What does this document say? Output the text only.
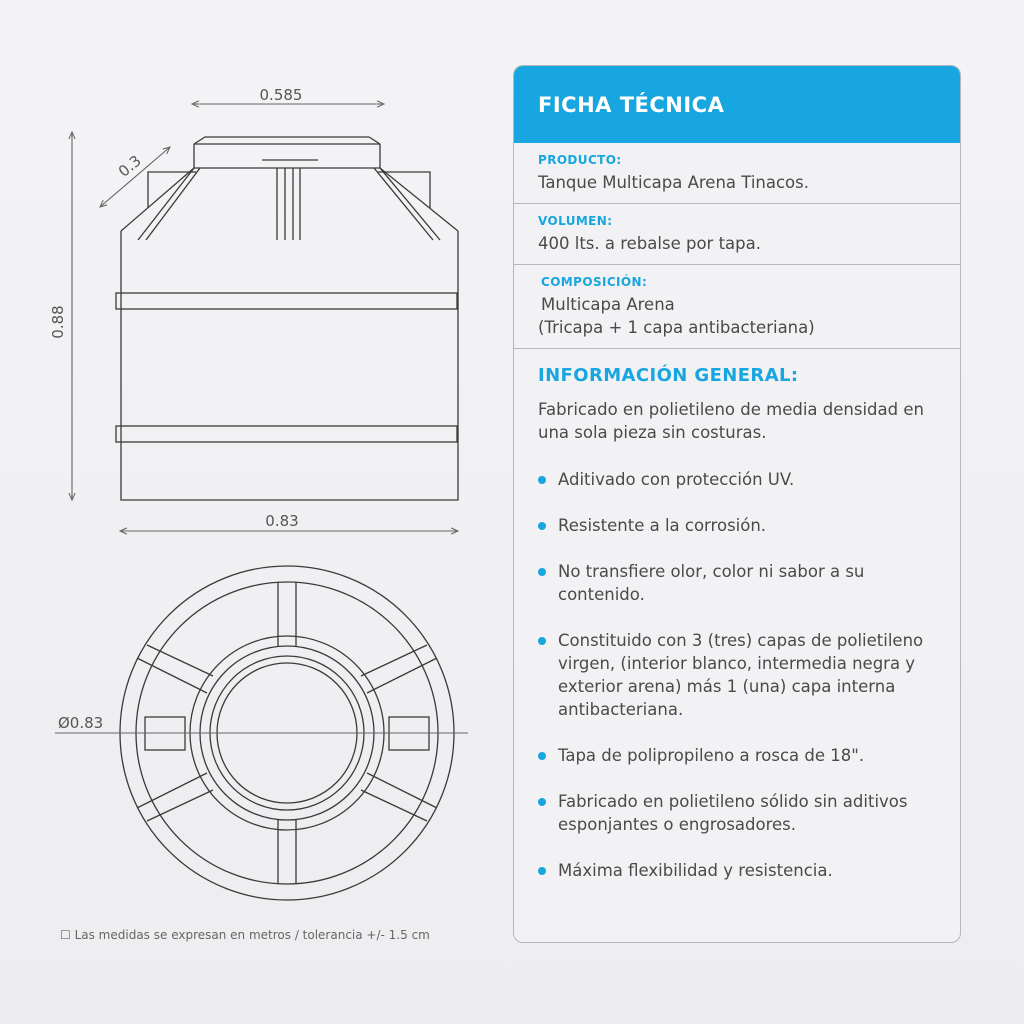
0.585
0.3
0.88
0.83
Ø0.83
☐ Las medidas se expresan en metros / tolerancia +/- 1.5 cm
FICHA TÉCNICA
PRODUCTO:
Tanque Multicapa Arena Tinacos.
VOLUMEN:
400 lts. a rebalse por tapa.
COMPOSICIÓN:
Multicapa Arena
(Tricapa + 1 capa antibacteriana)
INFORMACIÓN GENERAL:
Fabricado en polietileno de media densidad en una sola pieza sin costuras.
Aditivado con protección UV.
Resistente a la corrosión.
No transfiere olor, color ni sabor a su contenido.
Constituido con 3 (tres) capas de polietileno virgen, (interior blanco, intermedia negra y exterior arena) más 1 (una) capa interna antibacteriana.
Tapa de polipropileno a rosca de 18".
Fabricado en polietileno sólido sin aditivos esponjantes o engrosadores.
Máxima flexibilidad y resistencia.
